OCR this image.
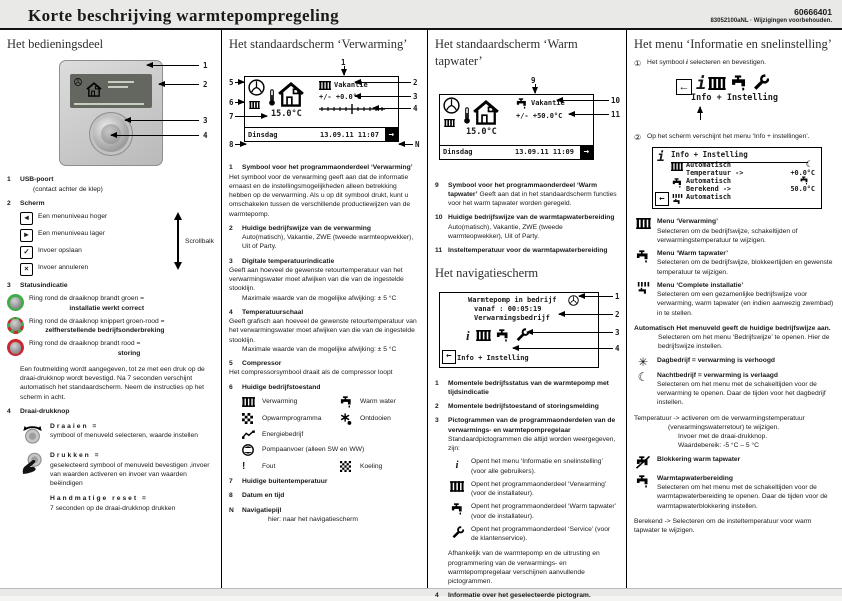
Korte beschrijving warmtepompregeling	60666401
83052100aNL · Wijzigingen voorbehouden.
Het bedieningsdeel
1
2
3
4
1	USB-poort
(contact achter de klep)
2	Scherm
◄	Een menuniveau hoger
►	Een menuniveau lager
✓	Invoer opslaan
×	Invoer annuleren
Scrollbalk
3	Statusindicatie
Ring rond de draaiknop brandt groen =
installatie werkt correct
Ring rond de draaiknop knippert groen-rood =
zelfherstellende bedrijfsonderbreking
Ring rond de draaiknop brandt rood =
storing

Een foutmelding wordt aangegeven, tot ze met een druk op de draai-drukknop wordt bevestigd. Na 7 seconden verschijnt automatisch het standaardscherm. Neem de instructies op het scherm in acht.

4	Draai-drukknop
Draaien =
symbool of menuveld selecteren, waarde instellen
Drukken =
geselecteerd symbool of menuveld bevestigen ,invoer van waarden activeren en invoer van waarden beëindigen
Handmatige reset =
7 seconden op de draai-drukknop drukken
Het standaardscherm ‘Verwarming’
1
15.0°C
Vakantie
+/- +0.0°C
Dinsdag	13.09.11 11:07	→
5
6
7
8
2
3
4
N
1	Symbool voor het programmaonderdeel ‘Verwarming’
Het symbool voor de verwarming geeft aan dat de informatie ernaast en de instellingsmogelijkheden alleen betrekking hebben op de verwarming. Als u op dit symbool drukt, kunt u omschakelen tussen de verschillende productiewijzen van de warmtepomp.
2	Huidige bedrijfswijze van de verwarming
Auto(matisch), Vakantie, ZWE (tweede warmteopwekker), Uit of Party.
3	Digitale temperatuurindicatie
Geeft aan hoeveel de gewenste retourtemperatuur van het verwarmingswater moet afwijken van die van de ingestelde stooklijn.
Maximale waarde van de mogelijke afwijking: ± 5 °C
4	Temperatuurschaal
Geeft grafisch aan hoeveel de gewenste retourtemperatuur van het verwarmingswater moet afwijken van die van de ingestelde stooklijn.
Maximale waarde van de mogelijke afwijking: ± 5 °C
5	Compressor
Het compressorsymbool draait als de compressor loopt
6	Huidige bedrijfstoestand
Verwarming	Warm water
Opwarmprogramma	Ontdooien
Energiebedrijf
Pompaanvoer (alleen SW en WW)
!	Fout	Koeling
7	Huidige buitentemperatuur
8	Datum en tijd
N	Navigatiepijl
hier: naar het navigatiescherm
Het standaardscherm ‘Warm tapwater’
9
15.0°C
Vakantie
+/- +50.0°C
Dinsdag	13.09.11 11:09	→
10
11
9	Symbool voor het programmaonderdeel ‘Warm tapwater’ Geeft aan dat in het standaardscherm functies voor het warm tapwater worden geregeld.
10 Huidige bedrijfswijze van de warmtapwaterbereiding
Auto(matisch), Vakantie, ZWE (tweede warmteopwekker), Uit of Party.
11 Insteltemperatuur voor de warmtapwaterbereiding
Het navigatiescherm
Warmtepomp in bedrijf
vanaf : 00:05:19
Verwarmingsbedrijf
i
← Info + Instelling
1
2
3
4
1	Momentele bedrijfsstatus van de warmtepomp met tijdsindicatie
2	Momentele bedrijfstoestand of storingsmelding
3	Pictogrammen van de programmaonderdelen van de verwarmings- en warmtepompregelaar
Standaardpictogrammen die altijd worden weergegeven, zijn:
i	Opent het menu ‘Informatie en snelinstelling’ (voor alle gebruikers).
Opent het programmaonderdeel ‘Verwarming’ (voor de installateur).
Opent het programmaonderdeel ‘Warm tapwater’ (voor de installateur).
Opent het programmaonderdeel ‘Service’ (voor de klantenservice).

Afhankelijk van de warmtepomp en de uitrusting en programmering van de verwarmings- en warmtepompregelaar verschijnen aanvullende pictogrammen.

4	Informatie over het geselecteerde pictogram.
Het menu ‘Informatie en snelinstelling’
① Het symbool i selecteren en bevestigen.
← i
Info + Instelling
② Op het scherm verschijnt het menu ‘Info + instellingen’.
i Info + Instelling
Automatisch	☾
Temperatuur ->	+0.0°C
Automatisch
Berekend ->	50.0°C
Automatisch
←
Menu ‘Verwarming’
Selecteren om de bedrijfswijze, schakeltijden of verwarmingstemperatuur te wijzigen.
Menu ‘Warm tapwater’
Selecteren om de bedrijfswijze, blokkeertijden en gewenste temperatuur te wijzigen.
Menu ‘Complete installatie’
Selecteren om een gezamenlijke bedrijfswijze voor verwarming, warm tapwater (en indien aanwezig zwembad) in te stellen.
Automatisch Het menuveld geeft de huidige bedrijfswijze aan.
Selecteren om het menu ‘Bedrijfswijze’ te openen. Hier de bedrijfswijze instellen.
✳	Dagbedrijf = verwarming is verhoogd
☾	Nachtbedrijf = verwarming is verlaagd
Selecteren om het menu met de schakeltijden voor de verwarming te openen. Daar de tijden voor het dagbedrijf instellen.
Temperatuur -> activeren om de verwarmingstemperatuur
(verwarmingswaterretour) te wijzigen.
Invoer met de draai-drukknop.
Waardebereik: -5 °C – 5 °C
Blokkering warm tapwater
Warmtapwaterbereiding
Selecteren om het menu met de schakeltijden voor de warmtapwaterbereiding te openen. Daar de tijden voor de warmtapwaterblokkering instellen.
Berekend -> Selecteren om de insteltemperatuur voor warm tapwater te wijzigen.
